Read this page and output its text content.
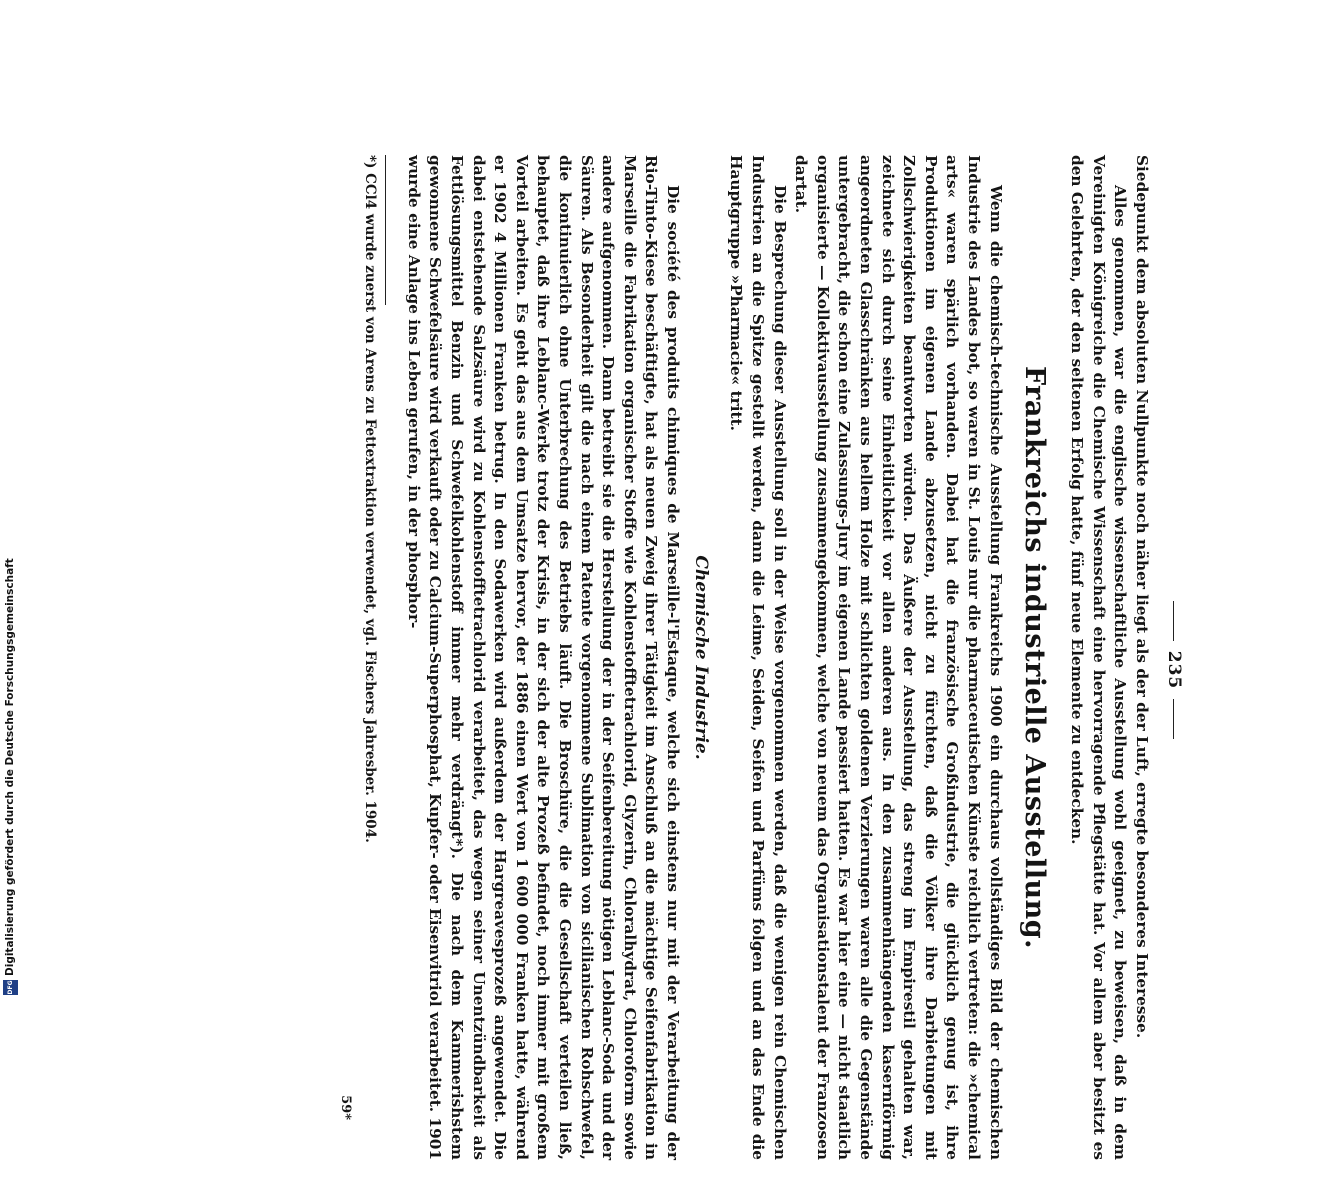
DFGDigitalisierung gefördert durch die Deutsche Forschungsgemeinschaft	235

Siedepunkt dem absoluten Nullpunkte noch näher liegt als der der Luft, erregte besonderes Interesse.

Alles genommen, war die englische wissenschaftliche Ausstellung wohl geeignet, zu beweisen, daß in dem Vereinigten Königreiche die Chemische Wissenschaft eine hervorragende Pflegstätte hat. Vor allem aber besitzt es den Gelehrten, der den seltenen Erfolg hatte, fünf neue Elemente zu entdecken.

Frankreichs industrielle Ausstellung.

Wenn die chemisch-technische Ausstellung Frankreichs 1900 ein durchaus vollständiges Bild der chemischen Industrie des Landes bot, so waren in St. Louis nur die pharmaceutischen Künste reichlich vertreten: die »chemical arts« waren spärlich vorhanden. Dabei hat die französische Großindustrie, die glücklich genug ist, ihre Produktionen im eigenen Lande abzusetzen, nicht zu fürchten, daß die Völker ihre Darbietungen mit Zollschwierigkeiten beantworten würden. Das Äußere der Ausstellung, das streng im Empirestil gehalten war, zeichnete sich durch seine Einheitlichkeit vor allen anderen aus. In den zusammenhängenden kasernförmig angeordneten Glasschränken aus hellem Holze mit schlichten goldenen Verzierungen waren alle die Gegenstände untergebracht, die schon eine Zulassungs-Jury im eigenen Lande passiert hatten. Es war hier eine — nicht staatlich organisierte — Kollektivausstellung zusammengekommen, welche von neuem das Organisationstalent der Franzosen dartat.

Die Besprechung dieser Ausstellung soll in der Weise vorgenommen werden, daß die wenigen rein Chemischen Industrien an die Spitze gestellt werden, dann die Leime, Seiden, Seifen und Parfüms folgen und an das Ende die Hauptgruppe »Pharmacie« tritt.

Chemische Industrie.

Die société des produits chimiques de Marseille-l'Estaque, welche sich einstens nur mit der Verarbeitung der Rio-Tinto-Kiese beschäftigte, hat als neuen Zweig ihrer Tätigkeit im Anschluß an die mächtige Seifenfabrikation in Marseille die Fabrikation organischer Stoffe wie Kohlenstofftetrachlorid, Glyzerin, Chloralhydrat, Chloroform sowie andere aufgenommen. Dann betreibt sie die Herstellung der in der Seifenbereitung nötigen Leblanc-Soda und der Säuren. Als Besonderheit gilt die nach einem Patente vorgenommene Sublimation von sicilianischen Rohschwefel, die kontinuierlich ohne Unterbrechung des Betriebs läuft. Die Broschüre, die die Gesellschaft verteilen ließ, behauptet, daß ihre Leblanc-Werke trotz der Krisis, in der sich der alte Prozeß befindet, noch immer mit großem Vorteil arbeiten. Es geht das aus dem Umsatze hervor, der 1886 einen Wert von 1 600 000 Franken hatte, während er 1902 4 Millionen Franken betrug. In den Sodawerken wird außerdem der Hargreavesprozeß angewendet. Die dabei entstehende Salzsäure wird zu Kohlenstofftetrachlorid verarbeitet, das wegen seiner Unentzündbarkeit als Fettlösungsmittel Benzin und Schwefelkohlenstoff immer mehr verdrängt*). Die nach dem Kammerishstem gewonnene Schwefelsäure wird verkauft oder zu Calcium-Superphosphat, Kupfer- oder Eisenvitriol verarbeitet. 1901 wurde eine Anlage ins Leben gerufen, in der phosphor-

*) CCl4 wurde zuerst von Arens zu Fettextraktion verwendet, vgl. Fischers Jahresber. 1904.

59*
